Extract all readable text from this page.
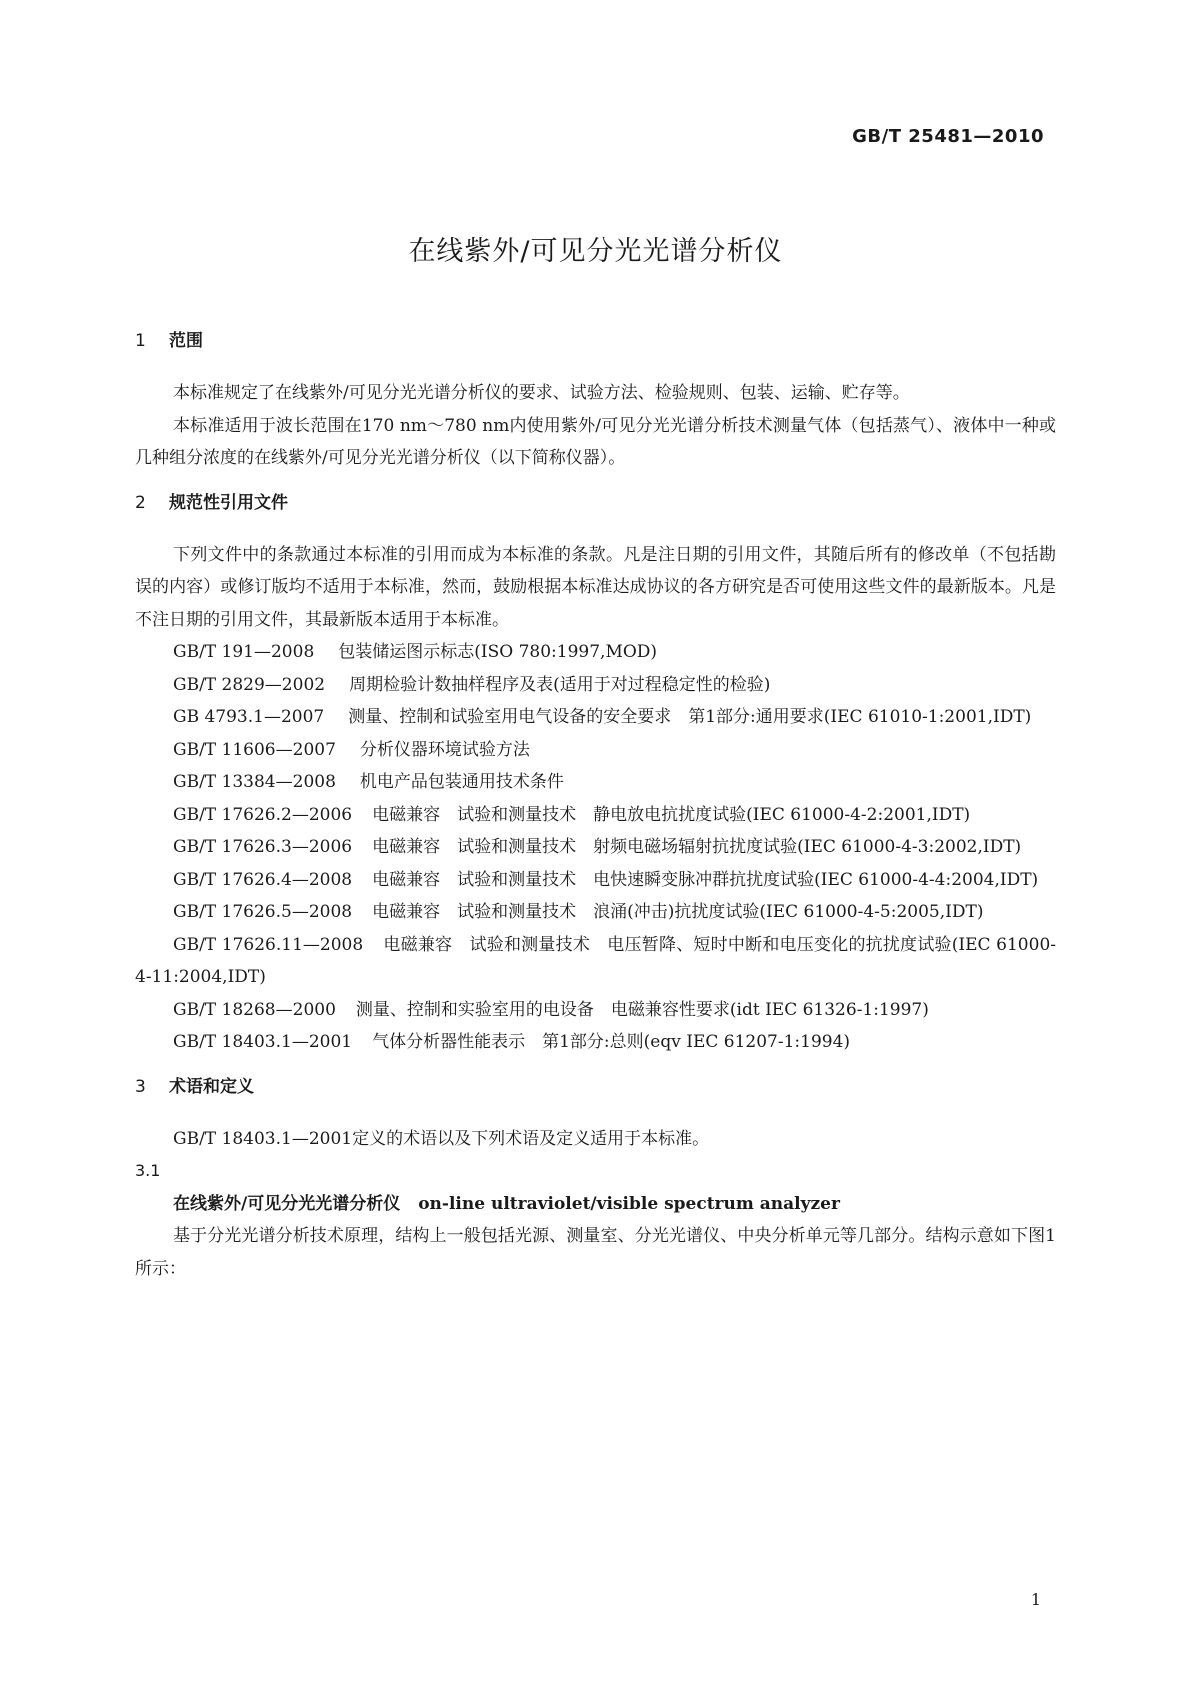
GB/T 25481—2010
在线紫外/可见分光光谱分析仪

1 范围

本标准规定了在线紫外/可见分光光谱分析仪的要求、试验方法、检验规则、包装、运输、贮存等。

本标准适用于波长范围在170 nm～780 nm内使用紫外/可见分光光谱分析技术测量气体（包括蒸气）、液体中一种或几种组分浓度的在线紫外/可见分光光谱分析仪（以下简称仪器）。

2 规范性引用文件

下列文件中的条款通过本标准的引用而成为本标准的条款。凡是注日期的引用文件，其随后所有的修改单（不包括勘误的内容）或修订版均不适用于本标准，然而，鼓励根据本标准达成协议的各方研究是否可使用这些文件的最新版本。凡是不注日期的引用文件，其最新版本适用于本标准。

GB/T 191—2008 包装储运图示标志(ISO 780:1997,MOD)

GB/T 2829—2002 周期检验计数抽样程序及表(适用于对过程稳定性的检验)

GB 4793.1—2007 测量、控制和试验室用电气设备的安全要求　第1部分:通用要求(IEC 61010-1:2001,IDT)

GB/T 11606—2007 分析仪器环境试验方法

GB/T 13384—2008 机电产品包装通用技术条件

GB/T 17626.2—2006 电磁兼容　试验和测量技术　静电放电抗扰度试验(IEC 61000-4-2:2001,IDT)

GB/T 17626.3—2006 电磁兼容　试验和测量技术　射频电磁场辐射抗扰度试验(IEC 61000-4-3:2002,IDT)

GB/T 17626.4—2008 电磁兼容　试验和测量技术　电快速瞬变脉冲群抗扰度试验(IEC 61000-4-4:2004,IDT)

GB/T 17626.5—2008 电磁兼容　试验和测量技术　浪涌(冲击)抗扰度试验(IEC 61000-4-5:2005,IDT)

GB/T 17626.11—2008 电磁兼容　试验和测量技术　电压暂降、短时中断和电压变化的抗扰度试验(IEC 61000-4-11:2004,IDT)

GB/T 18268—2000 测量、控制和实验室用的电设备　电磁兼容性要求(idt IEC 61326-1:1997)

GB/T 18403.1—2001 气体分析器性能表示　第1部分:总则(eqv IEC 61207-1:1994)

3 术语和定义

GB/T 18403.1—2001定义的术语以及下列术语及定义适用于本标准。

3.1

在线紫外/可见分光光谱分析仪 on-line ultraviolet/visible spectrum analyzer

基于分光光谱分析技术原理，结构上一般包括光源、测量室、分光光谱仪、中央分析单元等几部分。结构示意如下图1所示：

1
